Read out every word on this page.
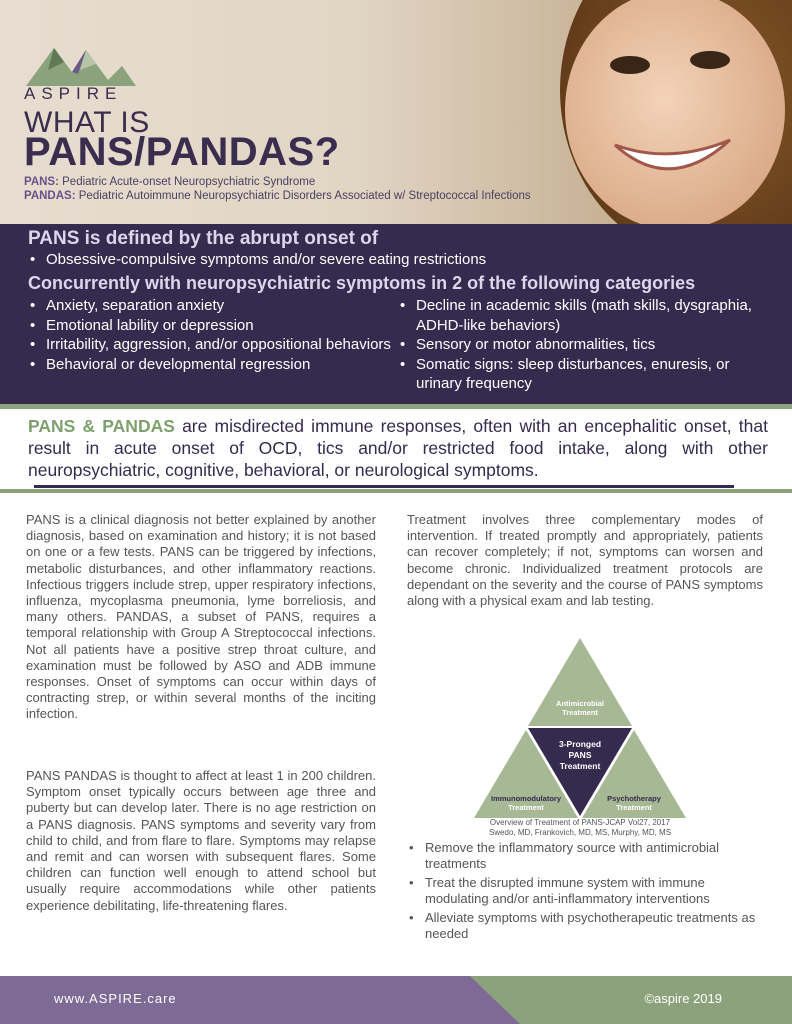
ASPIRE
WHAT IS
PANS/PANDAS?
PANS: Pediatric Acute-onset Neuropsychiatric Syndrome
PANDAS: Pediatric Autoimmune Neuropsychiatric Disorders Associated w/ Streptococcal Infections
PANS is defined by the abrupt onset of
• Obsessive-compulsive symptoms and/or severe eating restrictions
Concurrently with neuropsychiatric symptoms in 2 of the following categories
• Anxiety, separation anxiety
• Emotional lability or depression
• Irritability, aggression, and/or oppositional behaviors
• Behavioral or developmental regression
• Decline in academic skills (math skills, dysgraphia, ADHD-like behaviors)
• Sensory or motor abnormalities, tics
• Somatic signs: sleep disturbances, enuresis, or urinary frequency
PANS & PANDAS are misdirected immune responses, often with an encephalitic onset, that result in acute onset of OCD, tics and/or restricted food intake, along with other neuropsychiatric, cognitive, behavioral, or neurological symptoms.

PANS is a clinical diagnosis not better explained by another diagnosis, based on examination and history; it is not based on one or a few tests. PANS can be triggered by infections, metabolic disturbances, and other inflammatory reactions. Infectious triggers include strep, upper respiratory infections, influenza, mycoplasma pneumonia, lyme borreliosis, and many others. PANDAS, a subset of PANS, requires a temporal relationship with Group A Streptococcal infections. Not all patients have a positive strep throat culture, and examination must be followed by ASO and ADB immune responses. Onset of symptoms can occur within days of contracting strep, or within several months of the inciting infection.

PANS PANDAS is thought to affect at least 1 in 200 children. Symptom onset typically occurs between age three and puberty but can develop later. There is no age restriction on a PANS diagnosis. PANS symptoms and severity vary from child to child, and from flare to flare. Symptoms may relapse and remit and can worsen with subsequent flares. Some children can function well enough to attend school but usually require accommodations while other patients experience debilitating, life-threatening flares.

Treatment involves three complementary modes of intervention. If treated promptly and appropriately, patients can recover completely; if not, symptoms can worsen and become chronic. Individualized treatment protocols are dependant on the severity and the course of PANS symptoms along with a physical exam and lab testing.

Antimicrobial
Treatment
3-Pronged
PANS
Treatment
Immunomodulatory
Treatment
Psychotherapy
Treatment
Overview of Treatment of PANS-JCAP Vol27, 2017
Swedo, MD, Frankovich, MD, MS, Murphy, MD, MS
• Remove the inflammatory source with antimicrobial treatments
• Treat the disrupted immune system with immune modulating and/or anti-inflammatory interventions
• Alleviate symptoms with psychotherapeutic treatments as needed
www.ASPIRE.care	©aspire 2019
